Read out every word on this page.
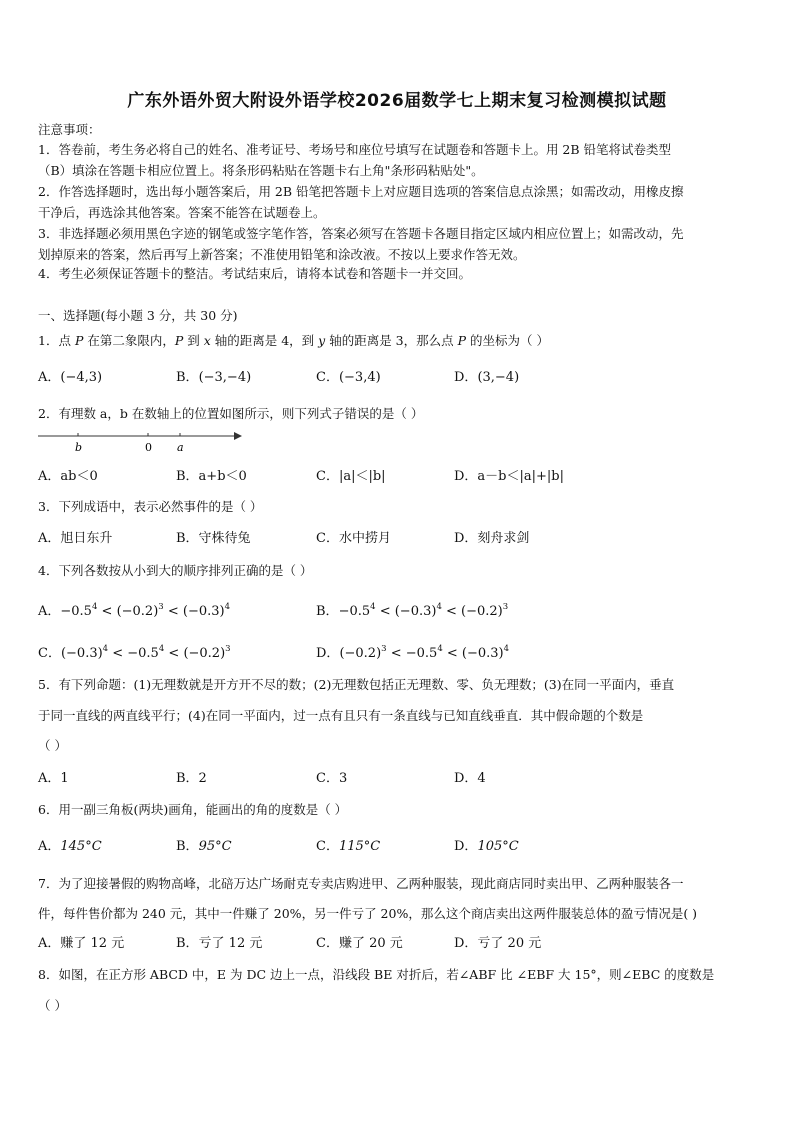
广东外语外贸大附设外语学校2026届数学七上期末复习检测模拟试题
注意事项：
1．答卷前，考生务必将自己的姓名、准考证号、考场号和座位号填写在试题卷和答题卡上。用 2B 铅笔将试卷类型
（B）填涂在答题卡相应位置上。将条形码粘贴在答题卡右上角"条形码粘贴处"。
2．作答选择题时，选出每小题答案后，用 2B 铅笔把答题卡上对应题目选项的答案信息点涂黑；如需改动，用橡皮擦
干净后，再选涂其他答案。答案不能答在试题卷上。
3．非选择题必须用黑色字迹的钢笔或签字笔作答，答案必须写在答题卡各题目指定区域内相应位置上；如需改动，先
划掉原来的答案，然后再写上新答案；不准使用铅笔和涂改液。不按以上要求作答无效。
4．考生必须保证答题卡的整洁。考试结束后，请将本试卷和答题卡一并交回。
一、选择题(每小题 3 分，共 30 分)
1．点 P 在第二象限内，P 到 x 轴的距离是 4，到 y 轴的距离是 3，那么点 P 的坐标为（ ）
A．(−4,3)	B．(−3,−4)	C．(−3,4)	D．(3,−4)
2．有理数 a，b 在数轴上的位置如图所示，则下列式子错误的是（ ）
b	0 a
A．ab＜0	B．a+b＜0	C．|a|＜|b|	D．a－b＜|a|+|b|
3．下列成语中，表示必然事件的是（ ）
A．旭日东升	B．守株待兔	C．水中捞月	D．刻舟求剑
4．下列各数按从小到大的顺序排列正确的是（ ）
A．$-0.5^4 < (-0.2)^3 < (-0.3)^4$	B．$-0.5^4 < (-0.3)^4 < (-0.2)^3$
C．$(-0.3)^4 < -0.5^4 < (-0.2)^3$	D．$(-0.2)^3 < -0.5^4 < (-0.3)^4$
5．有下列命题：(1)无理数就是开方开不尽的数；(2)无理数包括正无理数、零、负无理数；(3)在同一平面内，垂直
于同一直线的两直线平行；(4)在同一平面内，过一点有且只有一条直线与已知直线垂直．其中假命题的个数是
（ ）
A．1	B．2	C．3	D．4
6．用一副三角板(两块)画角，能画出的角的度数是（ ）
A．145°C	B．95°C	C．115°C	D．105°C
7．为了迎接暑假的购物高峰，北碚万达广场耐克专卖店购进甲、乙两种服装，现此商店同时卖出甲、乙两种服装各一
件，每件售价都为 240 元，其中一件赚了 20%，另一件亏了 20%，那么这个商店卖出这两件服装总体的盈亏情况是( )
A．赚了 12 元	B．亏了 12 元	C．赚了 20 元	D．亏了 20 元
8．如图，在正方形 ABCD 中，E 为 DC 边上一点，沿线段 BE 对折后，若∠ABF 比 ∠EBF 大 15°，则∠EBC 的度数是
（ ）
